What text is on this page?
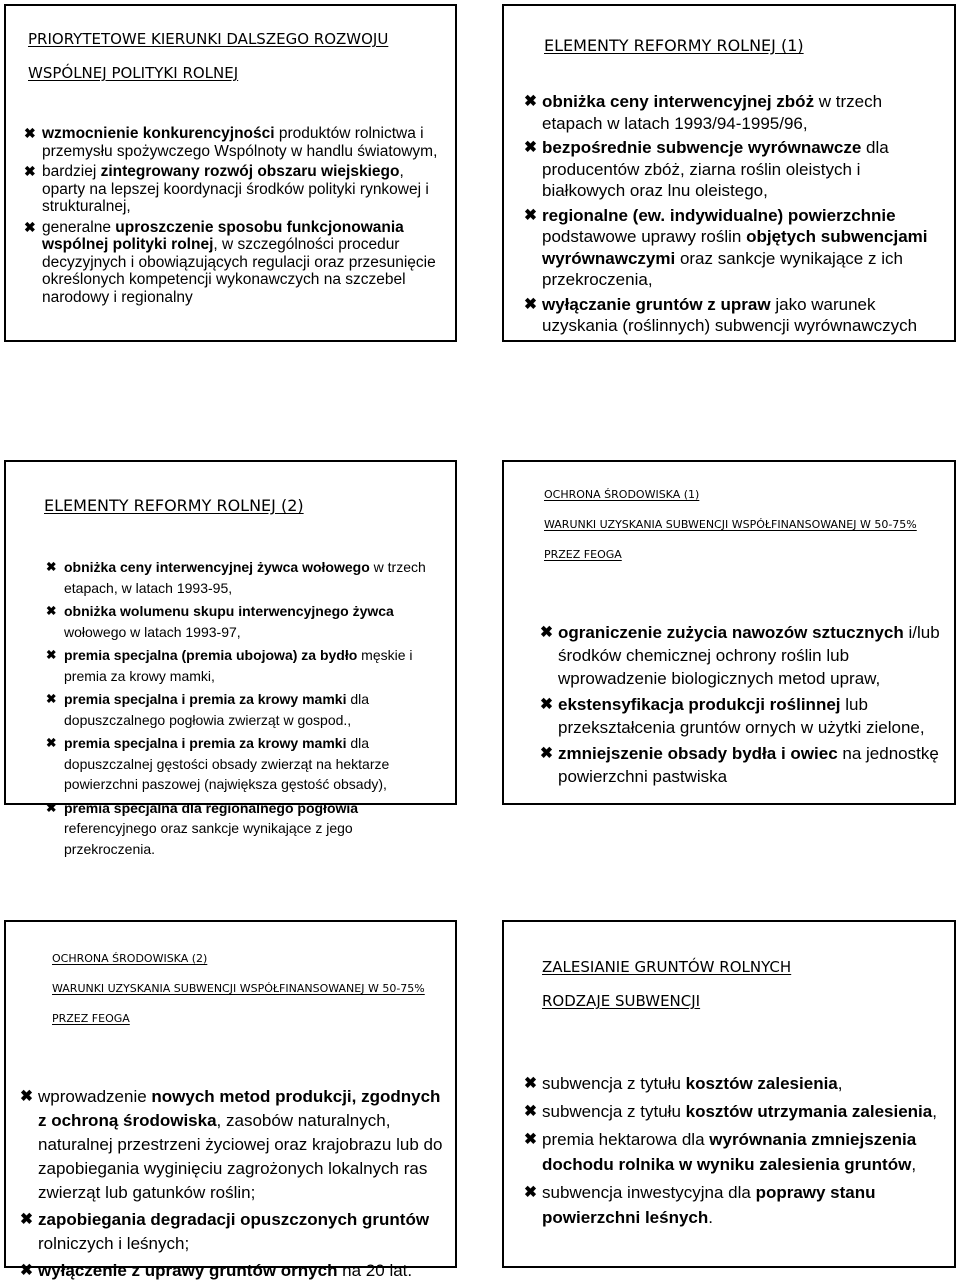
PRIORYTETOWE KIERUNKI DALSZEGO ROZWOJU

WSPÓLNEJ POLITYKI ROLNEJ

✖ wzmocnienie konkurencyjności produktów rolnictwa i przemysłu spożywczego Wspólnoty w handlu światowym,
✖ bardziej zintegrowany rozwój obszaru wiejskiego, oparty na lepszej koordynacji środków polityki rynkowej i strukturalnej,
✖ generalne uproszczenie sposobu funkcjonowania wspólnej polityki rolnej, w szczególności procedur decyzyjnych i obowiązujących regulacji oraz przesunięcie określonych kompetencji wykonawczych na szczebel narodowy i regionalny

ELEMENTY REFORMY ROLNEJ (1)

✖ obniżka ceny interwencyjnej zbóż w trzech etapach w latach 1993/94-1995/96,
✖ bezpośrednie subwencje wyrównawcze dla producentów zbóż, ziarna roślin oleistych i białkowych oraz lnu oleistego,
✖ regionalne (ew. indywidualne) powierzchnie podstawowe uprawy roślin objętych subwencjami wyrównawczymi oraz sankcje wynikające z ich przekroczenia,
✖ wyłączanie gruntów z upraw jako warunek uzyskania (roślinnych) subwencji wyrównawczych

ELEMENTY REFORMY ROLNEJ (2)

✖ obniżka ceny interwencyjnej żywca wołowego w trzech etapach, w latach 1993-95,
✖ obniżka wolumenu skupu interwencyjnego żywca wołowego w latach 1993-97,
✖ premia specjalna (premia ubojowa) za bydło męskie i premia za krowy mamki,
✖ premia specjalna i premia za krowy mamki dla dopuszczalnego pogłowia zwierząt w gospod.,
✖ premia specjalna i premia za krowy mamki dla dopuszczalnej gęstości obsady zwierząt na hektarze powierzchni paszowej (największa gęstość obsady),
✖ premia specjalna dla regionalnego pogłowia referencyjnego oraz sankcje wynikające z jego przekroczenia.

OCHRONA ŚRODOWISKA (1)

WARUNKI UZYSKANIA SUBWENCJI WSPÓŁFINANSOWANEJ W 50-75%

PRZEZ FEOGA

✖ ograniczenie zużycia nawozów sztucznych i/lub środków chemicznej ochrony roślin lub wprowadzenie biologicznych metod upraw,
✖ ekstensyfikacja produkcji roślinnej lub przekształcenia gruntów ornych w użytki zielone,
✖ zmniejszenie obsady bydła i owiec na jednostkę powierzchni pastwiska

OCHRONA ŚRODOWISKA (2)

WARUNKI UZYSKANIA SUBWENCJI WSPÓŁFINANSOWANEJ W 50-75%

PRZEZ FEOGA

✖ wprowadzenie nowych metod produkcji, zgodnych z ochroną środowiska, zasobów naturalnych, naturalnej przestrzeni życiowej oraz krajobrazu lub do zapobiegania wyginięciu zagrożonych lokalnych ras zwierząt lub gatunków roślin;
✖ zapobiegania degradacji opuszczonych gruntów rolniczych i leśnych;
✖ wyłączenie z uprawy gruntów ornych na 20 lat.

ZALESIANIE GRUNTÓW ROLNYCH

RODZAJE SUBWENCJI

✖ subwencja z tytułu kosztów zalesienia,
✖ subwencja z tytułu kosztów utrzymania zalesienia,
✖ premia hektarowa dla wyrównania zmniejszenia dochodu rolnika w wyniku zalesienia gruntów,
✖ subwencja inwestycyjna dla poprawy stanu powierzchni leśnych.
